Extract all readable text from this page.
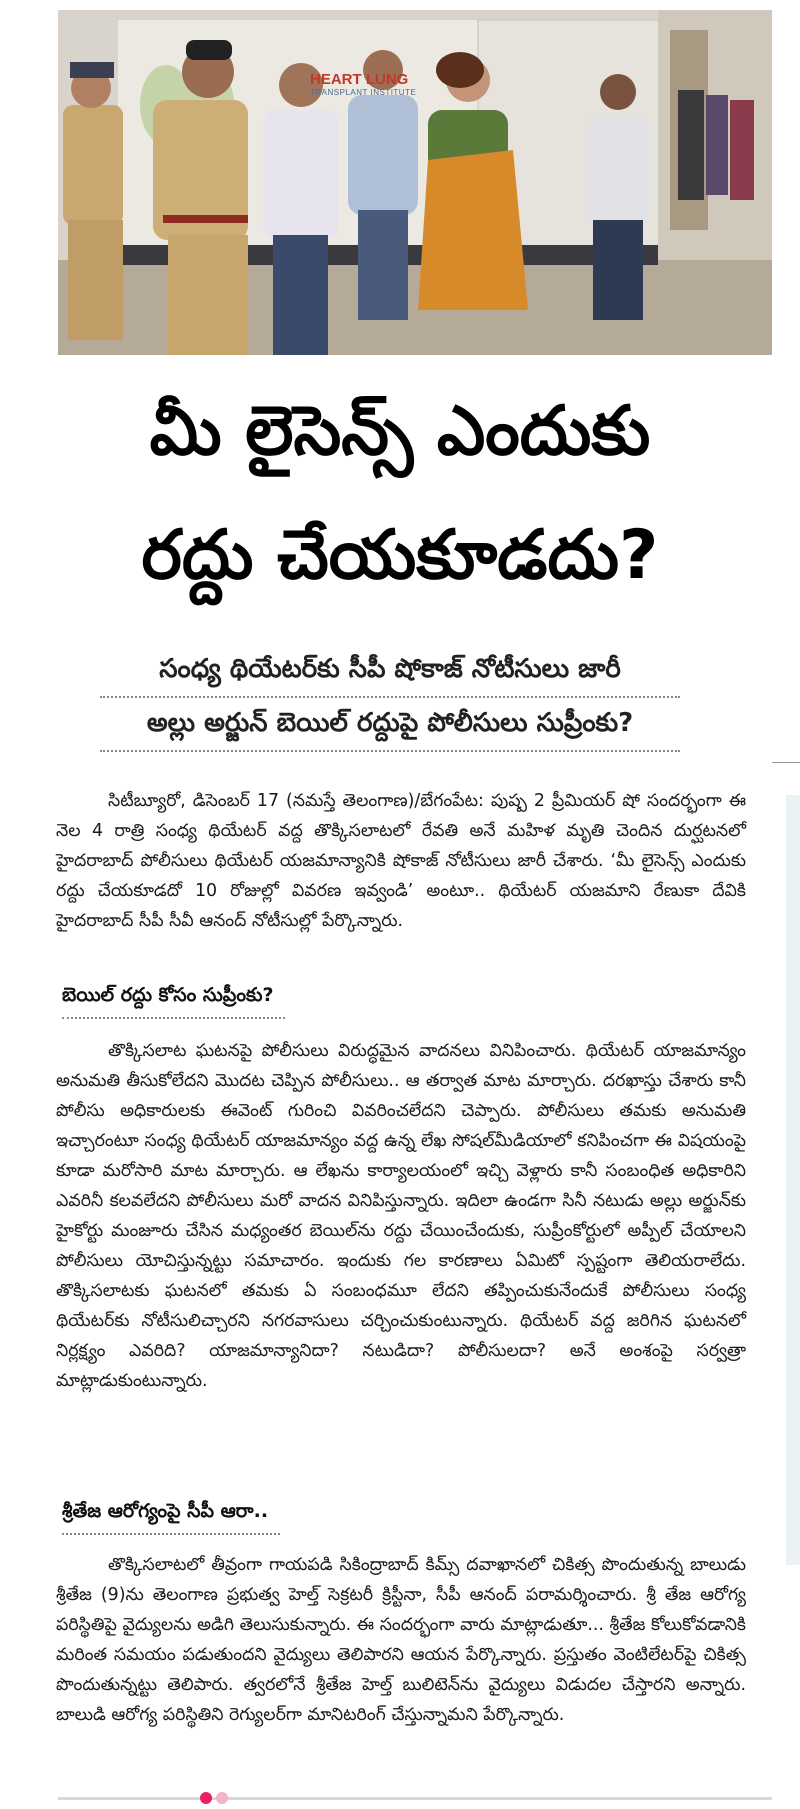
HEART LUNG
TRANSPLANT INSTITUTE
మీ లైసెన్స్ ఎందుకు
రద్దు చేయకూడదు?
సంధ్య థియేటర్‌కు సీపీ షోకాజ్ నోటీసులు జారీ
అల్లు అర్జున్ బెయిల్ రద్దుపై పోలీసులు సుప్రీంకు?

సిటీబ్యూరో, డిసెంబర్ 17 (నమస్తే తెలంగాణ)/బేగంపేట: పుష్ప 2 ప్రీమియర్ షో సందర్భంగా ఈ నెల 4 రాత్రి సంధ్య థియేటర్ వద్ద తొక్కిసలాటలో రేవతి అనే మహిళ మృతి చెందిన దుర్ఘటనలో హైదరాబాద్ పోలీసులు థియేటర్ యజమాన్యానికి షోకాజ్ నోటీసులు జారీ చేశారు. ‘మీ లైసెన్స్ ఎందుకు రద్దు చేయకూడదో 10 రోజుల్లో వివరణ ఇవ్వండి’ అంటూ.. థియేటర్ యజమాని రేణుకా దేవికి హైదరాబాద్ సీపీ సీవీ ఆనంద్ నోటీసుల్లో పేర్కొన్నారు.

బెయిల్ రద్దు కోసం సుప్రీంకు?

తొక్కిసలాట ఘటనపై పోలీసులు విరుద్ధమైన వాదనలు వినిపించారు. థియేటర్ యాజమాన్యం అనుమతి తీసుకోలేదని మొదట చెప్పిన పోలీసులు.. ఆ తర్వాత మాట మార్చారు. దరఖాస్తు చేశారు కానీ పోలీసు అధికారులకు ఈవెంట్ గురించి వివరించలేదని చెప్పారు. పోలీసులు తమకు అనుమతి ఇచ్చారంటూ సంధ్య థియేటర్ యాజమాన్యం వద్ద ఉన్న లేఖ సోషల్‌మీడియాలో కనిపించగా ఈ విషయంపై కూడా మరోసారి మాట మార్చారు. ఆ లేఖను కార్యాలయంలో ఇచ్చి వెళ్లారు కానీ సంబంధిత అధికారిని ఎవరినీ కలవలేదని పోలీసులు మరో వాదన వినిపిస్తున్నారు. ఇదిలా ఉండగా సినీ నటుడు అల్లు అర్జున్‌కు హైకోర్టు మంజూరు చేసిన మధ్యంతర బెయిల్‌ను రద్దు చేయించేందుకు, సుప్రీంకోర్టులో అప్పీల్ చేయాలని పోలీసులు యోచిస్తున్నట్టు సమాచారం. ఇందుకు గల కారణాలు ఏమిటో స్పష్టంగా తెలియరాలేదు. తొక్కిసలాటకు ఘటనలో తమకు ఏ సంబంధమూ లేదని తప్పించుకునేందుకే పోలీసులు సంధ్య థియేటర్‌కు నోటీసులిచ్చారని నగరవాసులు చర్చించుకుంటున్నారు. థియేటర్ వద్ద జరిగిన ఘటనలో నిర్లక్ష్యం ఎవరిది? యాజమాన్యానిదా? నటుడిదా? పోలీసులదా? అనే అంశంపై సర్వత్రా మాట్లాడుకుంటున్నారు.

శ్రీతేజ ఆరోగ్యంపై సీపీ ఆరా..

తొక్కిసలాటలో తీవ్రంగా గాయపడి సికింద్రాబాద్ కిమ్స్ దవాఖానలో చికిత్స పొందుతున్న బాలుడు శ్రీతేజ (9)ను తెలంగాణ ప్రభుత్వ హెల్త్ సెక్రటరీ క్రిస్టీనా, సీపీ ఆనంద్ పరామర్శించారు. శ్రీ తేజ ఆరోగ్య పరిస్థితిపై వైద్యులను అడిగి తెలుసుకున్నారు. ఈ సందర్భంగా వారు మాట్లాడుతూ... శ్రీతేజ కోలుకోవడానికి మరింత సమయం పడుతుందని వైద్యులు తెలిపారని ఆయన పేర్కొన్నారు. ప్రస్తుతం వెంటిలేటర్‌పై చికిత్స పొందుతున్నట్టు తెలిపారు. త్వరలోనే శ్రీతేజ హెల్త్ బులిటెన్‌ను వైద్యులు విడుదల చేస్తారని అన్నారు. బాలుడి ఆరోగ్య పరిస్థితిని రెగ్యులర్‌గా మానిటరింగ్ చేస్తున్నామని పేర్కొన్నారు.
